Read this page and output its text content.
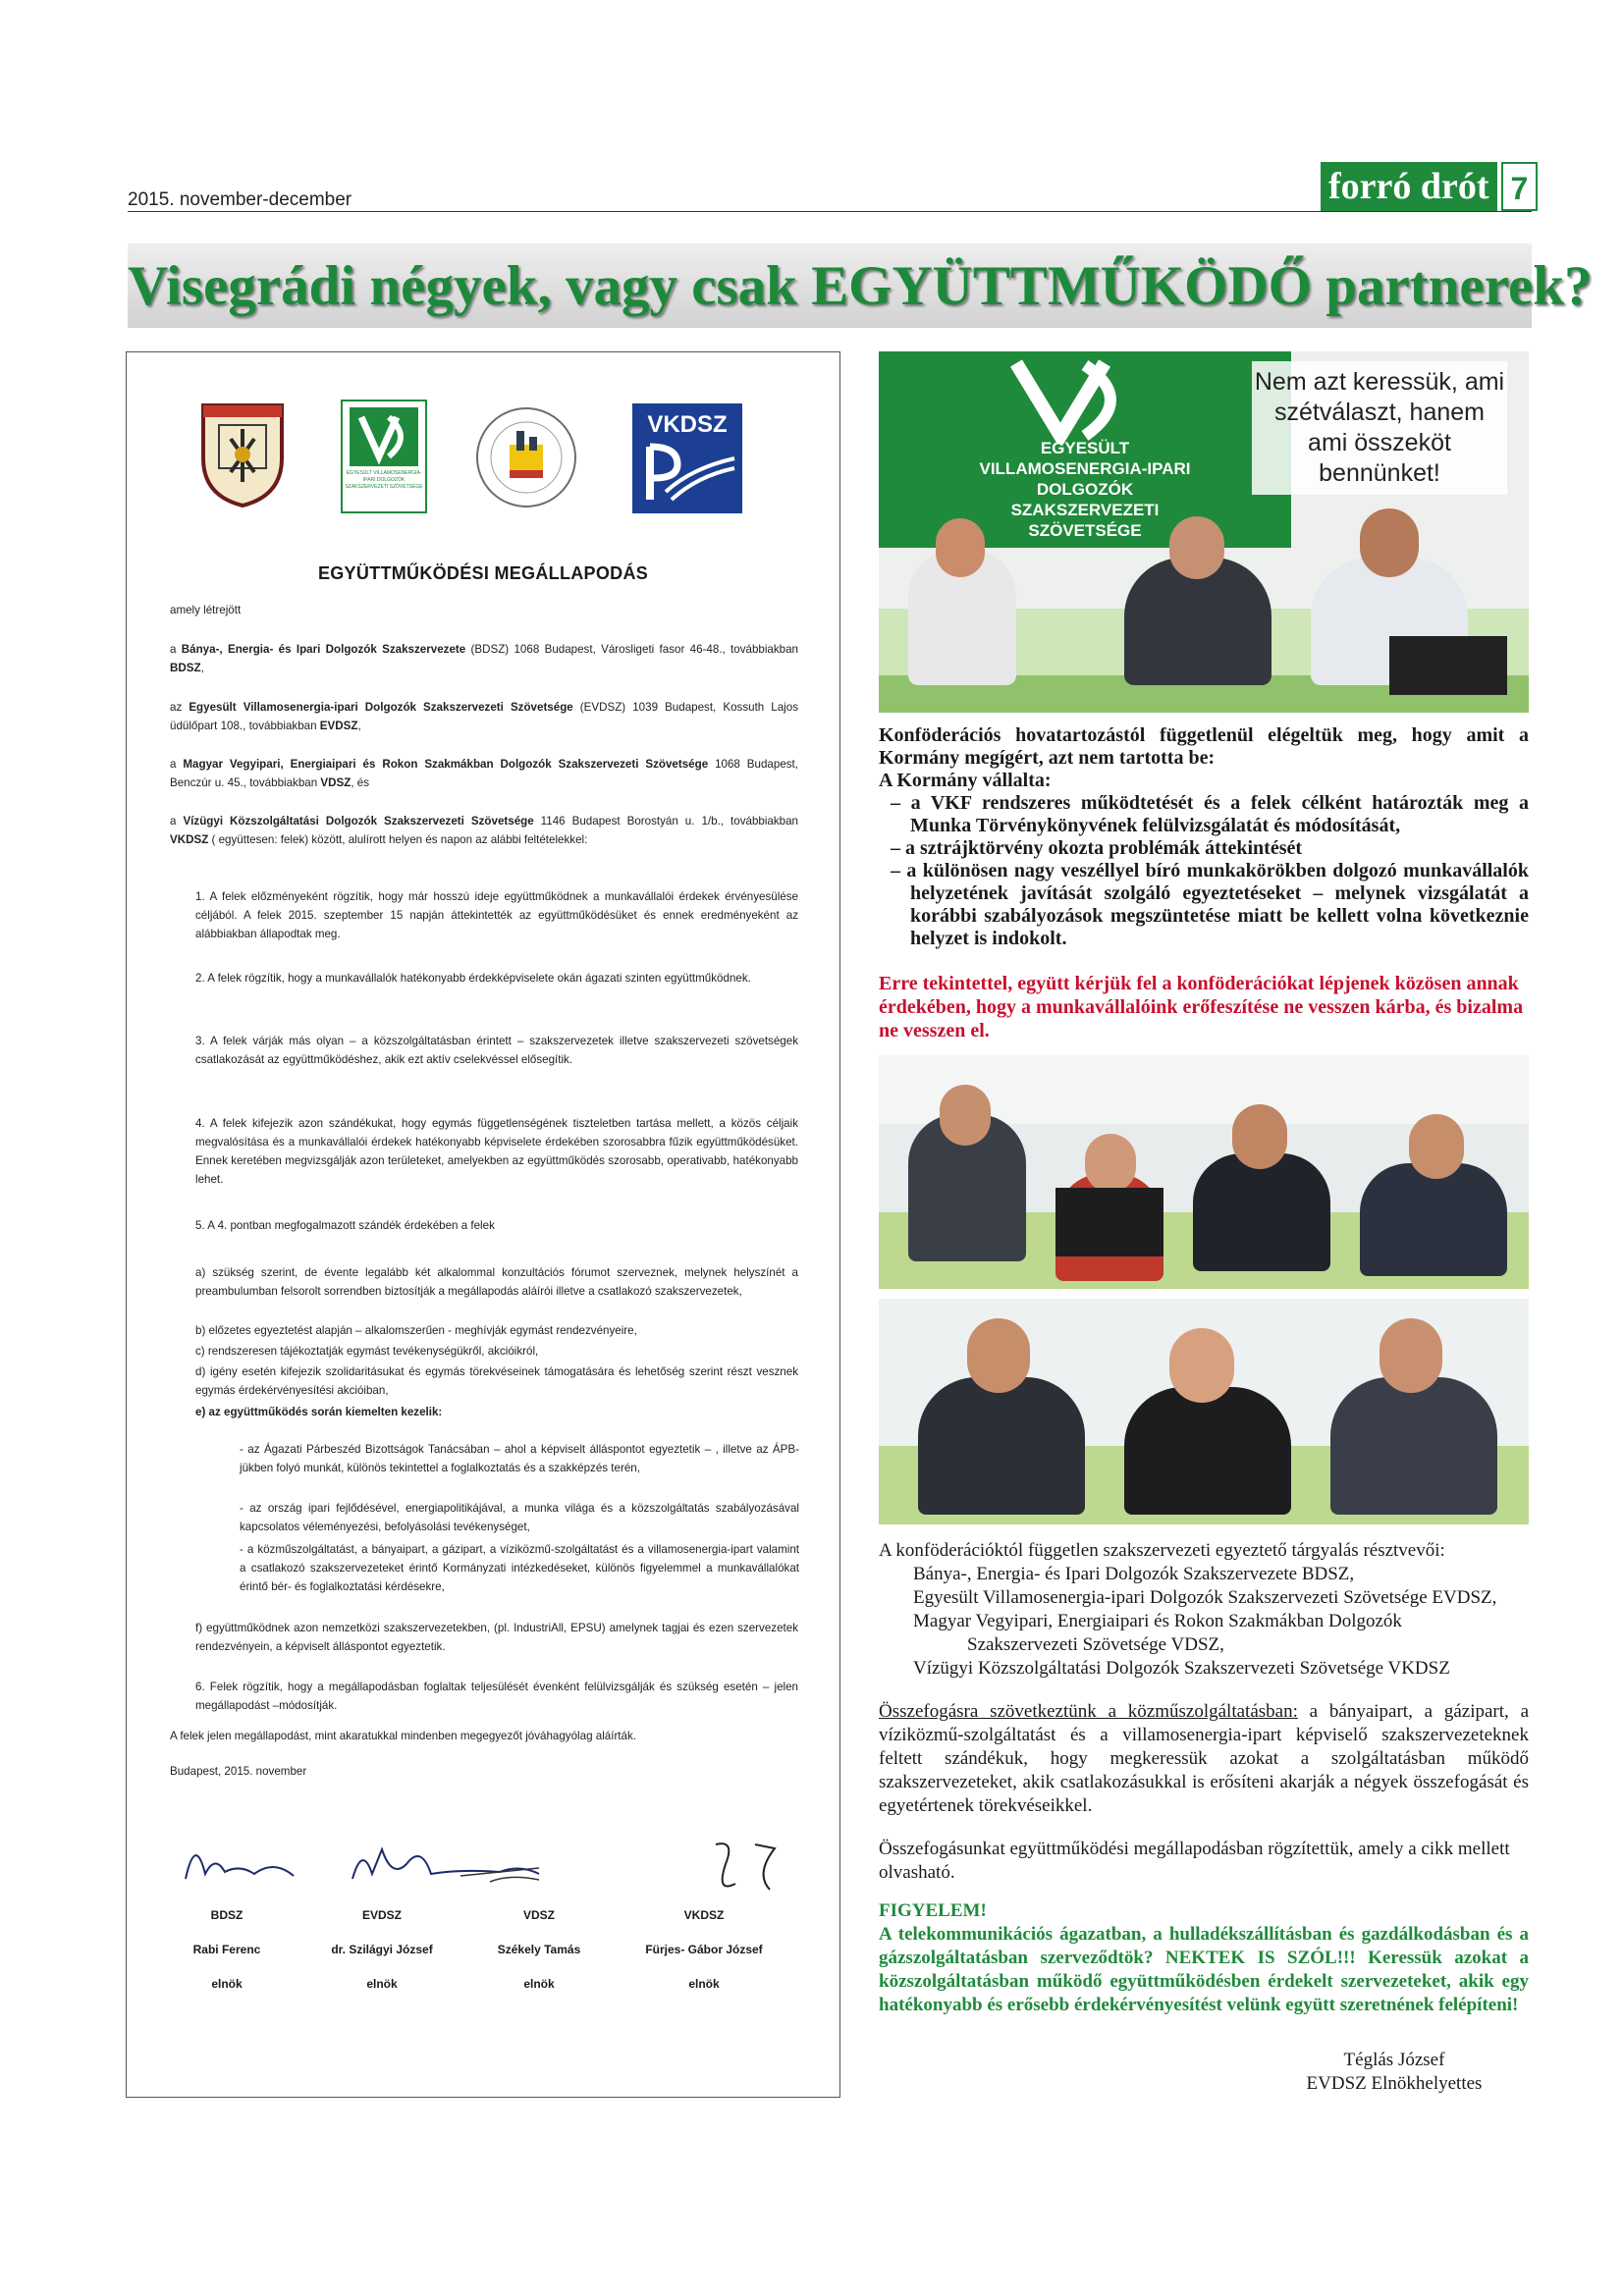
2015. november-december	forró drót 7
Visegrádi négyek, vagy csak EGYÜTTMŰKÖDŐ partnerek?
EGYESÜLT VILLAMOSENERGIA-IPARI DOLGOZÓK SZAKSZERVEZETI SZÖVETSÉGE
VKDSZ
EGYÜTTMŰKÖDÉSI MEGÁLLAPODÁS
amely létrejött
a Bánya-, Energia- és Ipari Dolgozók Szakszervezete (BDSZ) 1068 Budapest, Városligeti fasor 46-48., továbbiakban BDSZ,
az Egyesült Villamosenergia-ipari Dolgozók Szakszervezeti Szövetsége (EVDSZ) 1039 Budapest, Kossuth Lajos üdülőpart 108., továbbiakban EVDSZ,
a Magyar Vegyipari, Energiaipari és Rokon Szakmákban Dolgozók Szakszervezeti Szövetsége 1068 Budapest, Benczúr u. 45., továbbiakban VDSZ, és
a Vízügyi Közszolgáltatási Dolgozók Szakszervezeti Szövetsége 1146 Budapest Borostyán u. 1/b., továbbiakban VKDSZ ( együttesen: felek) között, alulírott helyen és napon az alábbi feltételekkel:
1. A felek előzményeként rögzítik, hogy már hosszú ideje együttműködnek a munkavállalói érdekek érvényesülése céljából. A felek 2015. szeptember 15 napján áttekintették az együttműködésüket és ennek eredményeként az alábbiakban állapodtak meg.
2. A felek rögzítik, hogy a munkavállalók hatékonyabb érdekképviselete okán ágazati szinten együttműködnek.
3. A felek várják más olyan – a közszolgáltatásban érintett – szakszervezetek illetve szakszervezeti szövetségek csatlakozását az együttműködéshez, akik ezt aktív cselekvéssel elősegítik.
4. A felek kifejezik azon szándékukat, hogy egymás függetlenségének tiszteletben tartása mellett, a közös céljaik megvalósítása és a munkavállalói érdekek hatékonyabb képviselete érdekében szorosabbra fűzik együttműködésüket. Ennek keretében megvizsgálják azon területeket, amelyekben az együttműködés szorosabb, operativabb, hatékonyabb lehet.
5. A 4. pontban megfogalmazott szándék érdekében a felek
a) szükség szerint, de évente legalább két alkalommal konzultációs fórumot szerveznek, melynek helyszínét a preambulumban felsorolt sorrendben biztosítják a megállapodás aláírói illetve a csatlakozó szakszervezetek,
b) előzetes egyeztetést alapján – alkalomszerűen - meghívják egymást rendezvényeire,
c) rendszeresen tájékoztatják egymást tevékenységükről, akcióikról,
d) igény esetén kifejezik szolidaritásukat és egymás törekvéseinek támogatására és lehetőség szerint részt vesznek egymás érdekérvényesítési akcióiban,
e) az együttműködés során kiemelten kezelik:
- az Ágazati Párbeszéd Bizottságok Tanácsában – ahol a képviselt álláspontot egyeztetik – , illetve az ÁPB-jükben folyó munkát, különös tekintettel a foglalkoztatás és a szakképzés terén,
- az ország ipari fejlődésével, energiapolitikájával, a munka világa és a közszolgáltatás szabályozásával kapcsolatos véleményezési, befolyásolási tevékenységet,
- a közműszolgáltatást, a bányaipart, a gázipart, a víziközmű-szolgáltatást és a villamosenergia-ipart valamint a csatlakozó szakszervezeteket érintő Kormányzati intézkedéseket, különös figyelemmel a munkavállalókat érintő bér- és foglalkoztatási kérdésekre,
f) együttműködnek azon nemzetközi szakszervezetekben, (pl. IndustriAll, EPSU) amelynek tagjai és ezen szervezetek rendezvényein, a képviselt álláspontot egyeztetik.
6. Felek rögzítik, hogy a megállapodásban foglaltak teljesülését évenként felülvizsgálják és szükség esetén – jelen megállapodást –módosítják.
A felek jelen megállapodást, mint akaratukkal mindenben megegyezőt jóváhagyólag aláírták.
Budapest, 2015. november
BDSZ	EVDSZ	VDSZ	VKDSZ
Rabi Ferenc	dr. Szilágyi József	Székely Tamás	Fürjes- Gábor József
elnök	elnök	elnök	elnök
EGYESÜLT
VILLAMOSENERGIA-IPARI
DOLGOZÓK
SZAKSZERVEZETI
SZÖVETSÉGE
Nem azt keressük, ami szétválaszt, hanem ami összeköt bennünket!
Konföderációs hovatartozástól függetlenül elégeltük meg, hogy amit a Kormány megígért, azt nem tartotta be:
A Kormány vállalta:
– a VKF rendszeres működtetését és a felek célként határozták meg a Munka Törvénykönyvének felülvizsgálatát és módosítását,
– a sztrájktörvény okozta problémák áttekintését
– a különösen nagy veszéllyel bíró munkakörökben dolgozó munkavállalók helyzetének javítását szolgáló egyeztetéseket – melynek vizsgálatát a korábbi szabályozások megszüntetése miatt be kellett volna következnie helyzet is indokolt.
Erre tekintettel, együtt kérjük fel a konföderációkat lépjenek közösen annak érdekében, hogy a munkavállalóink erőfeszítése ne vesszen kárba, és bizalma ne vesszen el.
A konföderációktól független szakszervezeti egyeztető tárgyalás résztvevői:
Bánya-, Energia- és Ipari Dolgozók Szakszervezete BDSZ,
Egyesült Villamosenergia-ipari Dolgozók Szakszervezeti Szövetsége EVDSZ,
Magyar Vegyipari, Energiaipari és Rokon Szakmákban Dolgozók
Szakszervezeti Szövetsége VDSZ,
Vízügyi Közszolgáltatási Dolgozók Szakszervezeti Szövetsége VKDSZ
Összefogásra szövetkeztünk a közműszolgáltatásban: a bányaipart, a gázipart, a víziközmű-szolgáltatást és a villamosenergia-ipart képviselő szakszervezeteknek feltett szándékuk, hogy megkeressük azokat a szolgáltatásban működő szakszervezeteket, akik csatlakozásukkal is erősíteni akarják a négyek összefogását és egyetértenek törekvéseikkel.
Összefogásunkat együttműködési megállapodásban rögzítettük, amely a cikk mellett olvasható.
FIGYELEM!
A telekommunikációs ágazatban, a hulladékszállításban és gazdálkodásban és a gázszolgáltatásban szerveződtök? NEKTEK IS SZÓL!!! Keressük azokat a közszolgáltatásban működő együttműködésben érdekelt szervezeteket, akik egy hatékonyabb és erősebb érdekérvényesítést velünk együtt szeretnének felépíteni!
Téglás József
EVDSZ Elnökhelyettes
